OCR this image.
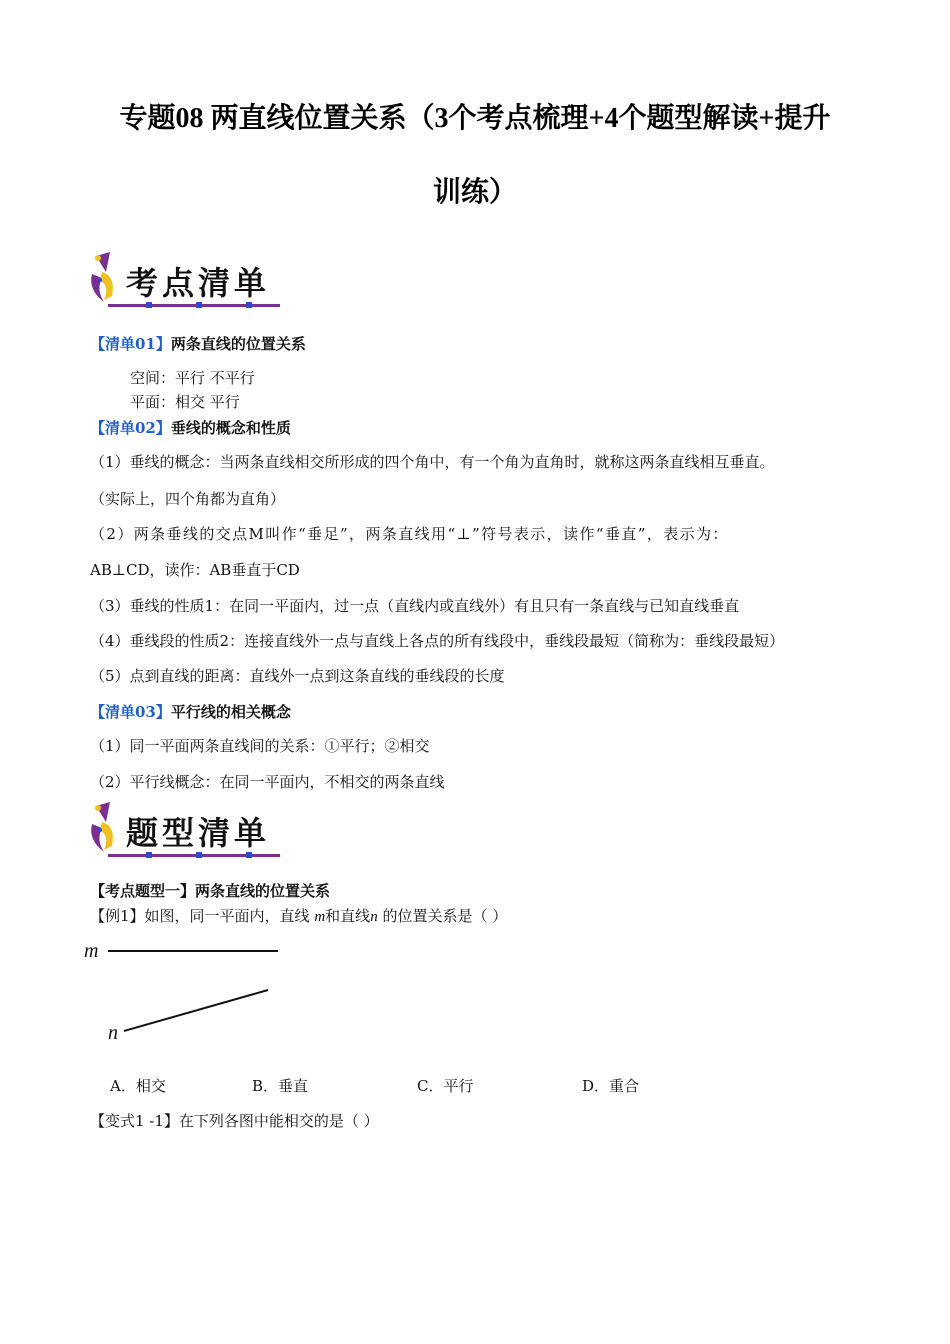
专题08 两直线位置关系（3个考点梳理+4个题型解读+提升
训练）
考点清单
【清单01】两条直线的位置关系
空间：平行 不平行
平面：相交 平行
【清单02】垂线的概念和性质
（1）垂线的概念：当两条直线相交所形成的四个角中，有一个角为直角时，就称这两条直线相互垂直。
（实际上，四个角都为直角）
（2）两条垂线的交点M叫作“垂足”，两条直线用“⊥”符号表示，读作“垂直”，表示为：
AB⊥CD，读作：AB垂直于CD
（3）垂线的性质1：在同一平面内，过一点（直线内或直线外）有且只有一条直线与已知直线垂直
（4）垂线段的性质2：连接直线外一点与直线上各点的所有线段中，垂线段最短（简称为：垂线段最短）
（5）点到直线的距离：直线外一点到这条直线的垂线段的长度
【清单03】平行线的相关概念
（1）同一平面两条直线间的关系：①平行；②相交
（2）平行线概念：在同一平面内，不相交的两条直线
题型清单
【考点题型一】两条直线的位置关系
【例1】如图，同一平面内，直线 m和直线n 的位置关系是（ ）
m
n
A．相交	B．垂直	C．平行	D．重合
【变式1 -1】在下列各图中能相交的是（ ）
